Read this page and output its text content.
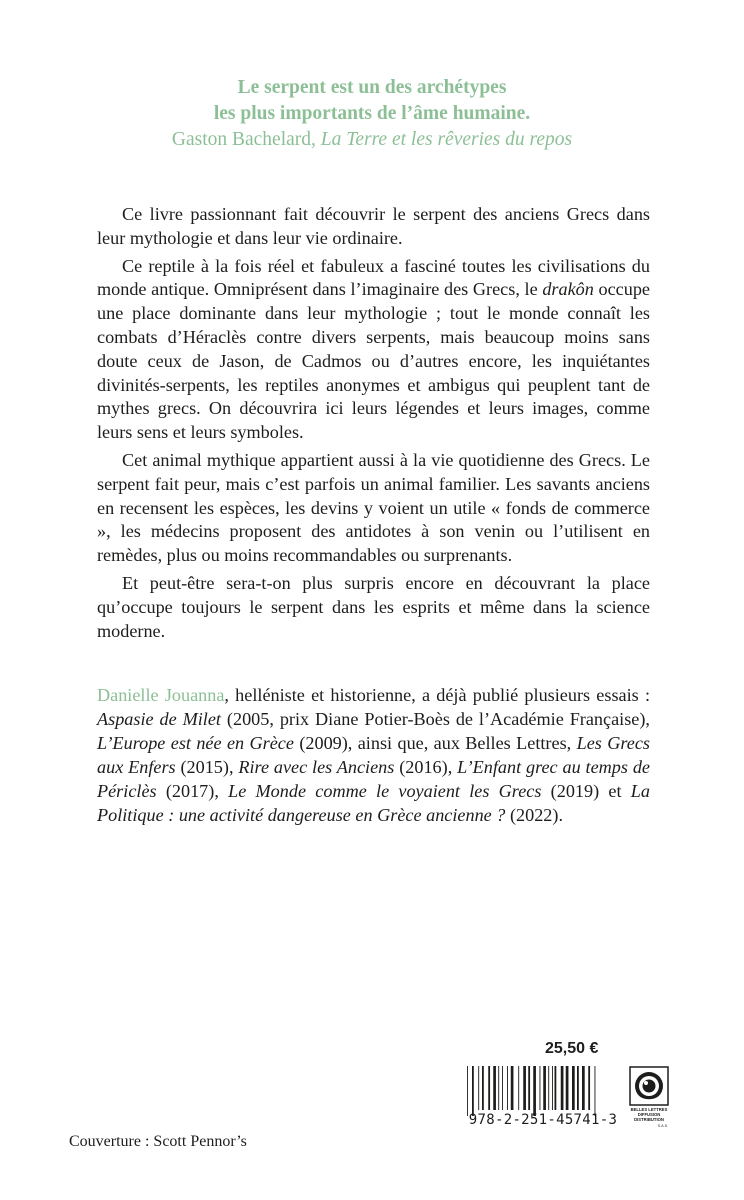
Le serpent est un des archétypes
les plus importants de l’âme humaine.
Gaston Bachelard, La Terre et les rêveries du repos

Ce livre passionnant fait découvrir le serpent des anciens Grecs dans leur mythologie et dans leur vie ordinaire.

Ce reptile à la fois réel et fabuleux a fasciné toutes les civilisations du monde antique. Omniprésent dans l’imaginaire des Grecs, le drakôn occupe une place dominante dans leur mythologie ; tout le monde connaît les combats d’Héraclès contre divers serpents, mais beaucoup moins sans doute ceux de Jason, de Cadmos ou d’autres encore, les inquiétantes divinités-serpents, les reptiles anonymes et ambigus qui peuplent tant de mythes grecs. On découvrira ici leurs légendes et leurs images, comme leurs sens et leurs symboles.

Cet animal mythique appartient aussi à la vie quotidienne des Grecs. Le serpent fait peur, mais c’est parfois un animal familier. Les savants anciens en recensent les espèces, les devins y voient un utile « fonds de commerce », les médecins proposent des antidotes à son venin ou l’utilisent en remèdes, plus ou moins recommandables ou surprenants.

Et peut-être sera-t-on plus surpris encore en découvrant la place qu’occupe toujours le serpent dans les esprits et même dans la science moderne.

Danielle Jouanna, helléniste et historienne, a déjà publié plusieurs essais : Aspasie de Milet (2005, prix Diane Potier-Boès de l’Académie Française), L’Europe est née en Grèce (2009), ainsi que, aux Belles Lettres, Les Grecs aux Enfers (2015), Rire avec les Anciens (2016), L’Enfant grec au temps de Périclès (2017), Le Monde comme le voyaient les Grecs (2019) et La Politique : une activité dangereuse en Grèce ancienne ? (2022).
25,50 €
978-2-251-45741-3
BELLES LETTRES
DIFFUSION
DISTRIBUTION
S.A.S.
Couverture : Scott Pennor’s
